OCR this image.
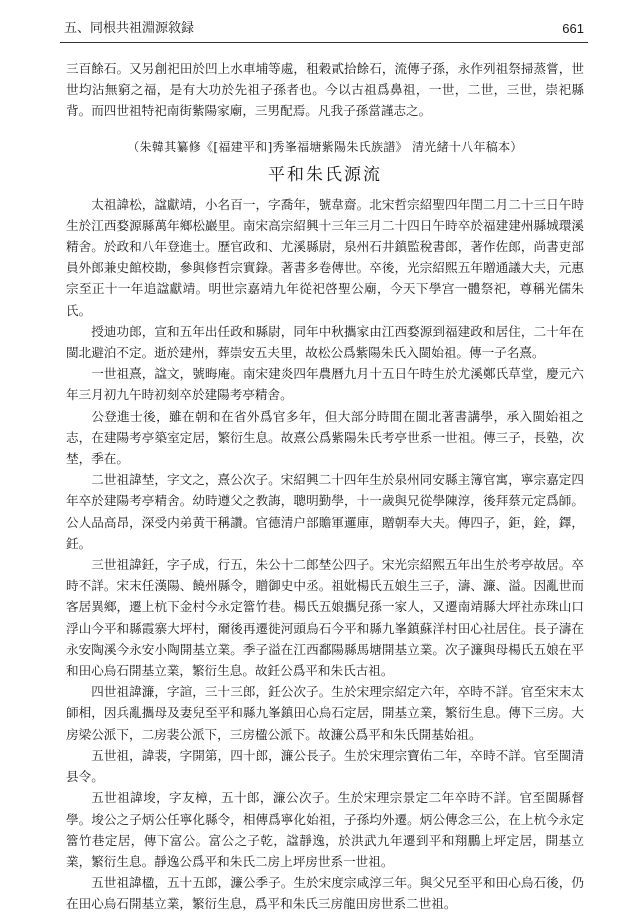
五、同根共祖淵源敘録	661

三百餘石。又另創祀田於凹上水車埔等處，租穀貳拾餘石，流傳子孫，永作列祖祭掃蒸嘗，世世均沾無窮之福，是有大功於先祖子孫者也。今以古祖爲鼻祖，一世，二世，三世，崇祀縣背。而四世祖特祀南街紫陽家廟，三男配焉。凡我子孫當謹志之。

（朱韓其纂修《[福建平和]秀峯福塘紫陽朱氏族譜》 清光緒十八年稿本）

平和朱氏源流

太祖諱松，諡獻靖，小名百一，字喬年，號韋齋。北宋哲宗紹聖四年閏二月二十三日午時生於江西婺源縣萬年鄉松巖里。南宋高宗紹興十三年三月二十四日午時卒於福建建州縣城環溪精舍。於政和八年登進士。歷官政和、尤溪縣尉，泉州石井鎮監稅書郎，著作佐郎，尚書吏部員外郎兼史館校勘，參與修哲宗實錄。著書多卷傳世。卒後，光宗紹熙五年贈通議大夫，元惠宗至正十一年追諡獻靖。明世宗嘉靖九年從祀啓聖公廟，今天下學宫一體祭祀，尊稱光儒朱氏。

授迪功郎，宣和五年出任政和縣尉，同年中秋攜家由江西婺源到福建政和居住，二十年在閩北避泊不定。逝於建州，葬崇安五夫里，故松公爲紫陽朱氏入閩始祖。傳一子名熹。

一世祖熹，諡文，號晦庵。南宋建炎四年農曆九月十五日午時生於尤溪鄭氏草堂，慶元六年三月初九午時初刻卒於建陽考亭精舍。

公登進士後，雖在朝和在省外爲官多年，但大部分時間在閩北著書講學，承入閩始祖之志，在建陽考亭築室定居，繁衍生息。故熹公爲紫陽朱氏考亭世系一世祖。傳三子，長塾，次埜，季在。

二世祖諱埜，字文之，熹公次子。宋紹興二十四年生於泉州同安縣主簿官寓，寧宗嘉定四年卒於建陽考亭精舍。幼時遵父之教誨，聰明勤學，十一歲與兄從學陳淳，後拜蔡元定爲師。公人品高昂，深受内弟黄干稱讚。官德清户部贍軍邏庫，贈朝奉大夫。傳四子，鉅，銓，鐸，鈓。

三世祖諱鈓，字子成，行五，朱公十二郎埜公四子。宋光宗紹熙五年出生於考亭故居。卒時不詳。宋末任漢陽、饒州縣令，贈御史中丞。祖妣楊氏五娘生三子，濤、濂、溢。因亂世而客居異鄉，遷上杭下金村今永定簹竹巷。楊氏五娘攜兒孫一家人，又遷南靖縣大坪社赤珠山口浮山今平和縣霞寨大坪村，爾後再遷徙河頭烏石今平和縣九峯鎮蘇洋村田心社居住。長子濤在永安陶溪今永安小陶開基立業。季子溢在江西鄱陽縣馬塘開基立業。次子濂與母楊氏五娘在平和田心烏石開基立業，繁衍生息。故鈓公爲平和朱氏古祖。

四世祖諱濂，字諠，三十三郎，鈓公次子。生於宋理宗紹定六年，卒時不詳。官至宋末太師相，因兵亂攜母及妻兒至平和縣九峯鎮田心烏石定居，開基立業，繁衍生息。傳下三房。大房梁公派下，二房裴公派下，三房楹公派下。故濂公爲平和朱氏開基始祖。

五世祖，諱裴，字開第，四十郎，濂公長子。生於宋理宗寶佑二年，卒時不詳。官至閩清县令。

五世祖諱埈，字友樟，五十郎，濂公次子。生於宋理宗景定二年卒時不詳。官至閩縣督學。埈公之子炳公任寧化縣令，相傳爲寧化始祖，子孫均外遷。炳公傳念三公，在上杭今永定簹竹巷定居，傳下富公。富公之子乾，諡靜逸，於洪武九年遷到平和翔鵬上坪定居，開基立業，繁衍生息。靜逸公爲平和朱氏二房上坪房世系一世祖。

五世祖諱楹，五十五郎，濂公季子。生於宋度宗咸淳三年。與父兄至平和田心烏石後，仍在田心烏石開基立業，繁衍生息，爲平和朱氏三房龍田房世系二世祖。
